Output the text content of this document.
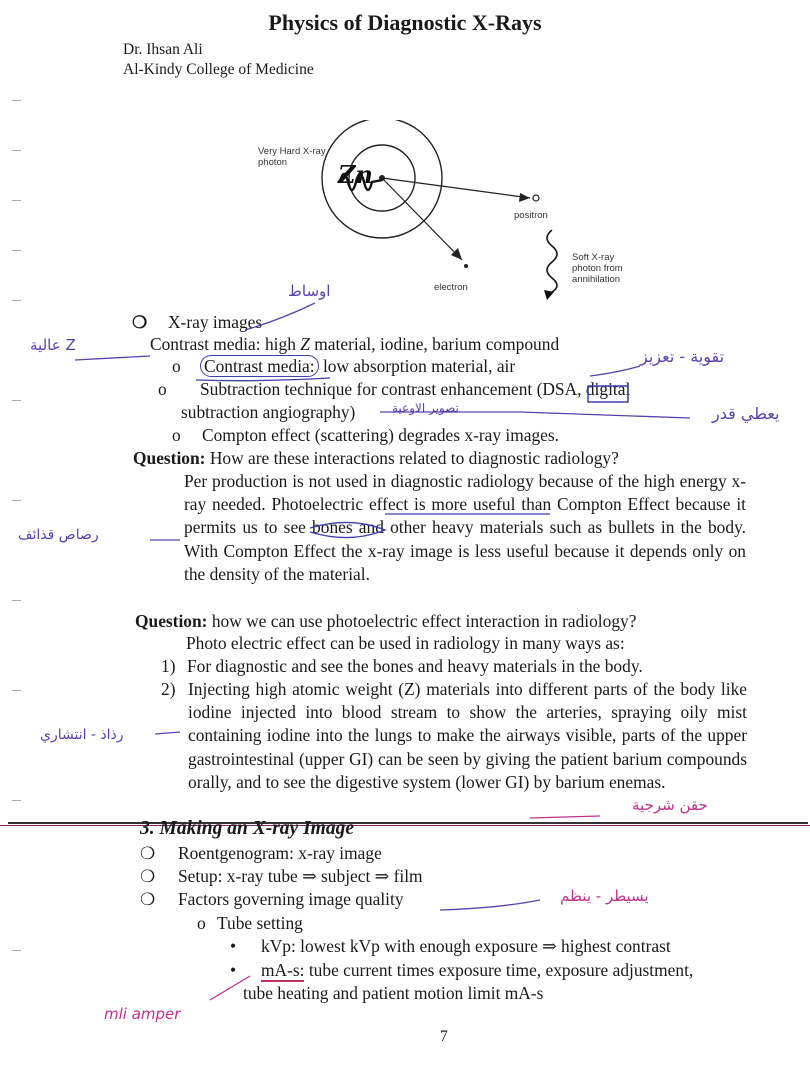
Physics of Diagnostic X-Rays
Dr. Ihsan Ali
Al-Kindy College of Medicine
Very Hard X-ray photon
positron
electron
Soft X-ray photon from annihilation
Zn
❍ X-ray images
Contrast media: high Z material, iodine, barium compound
o Contrast media: low absorption material, air
o Subtraction technique for contrast enhancement (DSA, digital
subtraction angiography)
o Compton effect (scattering) degrades x-ray images.
Question: How are these interactions related to diagnostic radiology?
Per production is not used in diagnostic radiology because of the high energy x-ray needed. Photoelectric effect is more useful than Compton Effect because it permits us to see bones and other heavy materials such as bullets in the body. With Compton Effect the x-ray image is less useful because it depends only on the density of the material.
Question: how we can use photoelectric effect interaction in radiology?
Photo electric effect can be used in radiology in many ways as:
1) For diagnostic and see the bones and heavy materials in the body.
2) Injecting high atomic weight (Z) materials into different parts of the body like iodine injected into blood stream to show the arteries, spraying oily mist containing iodine into the lungs to make the airways visible, parts of the upper gastrointestinal (upper GI) can be seen by giving the patient barium compounds orally, and to see the digestive system (lower GI) by barium enemas.
3. Making an X-ray Image
❍ Roentgenogram: x-ray image
❍ Setup: x-ray tube ⇒ subject ⇒ film
❍ Factors governing image quality
o Tube setting
• kVp: lowest kVp with enough exposure ⇒ highest contrast
• mA-s: tube current times exposure time, exposure adjustment,
tube heating and patient motion limit mA-s
اوساط
عالية Z
تقوية - تعزيز
تصوير الاوعية	يعطي قدر
رصاص قذائف
رذاذ - انتشاري
حقن شرجية
يسيطر - ينظم
mli amper
7
